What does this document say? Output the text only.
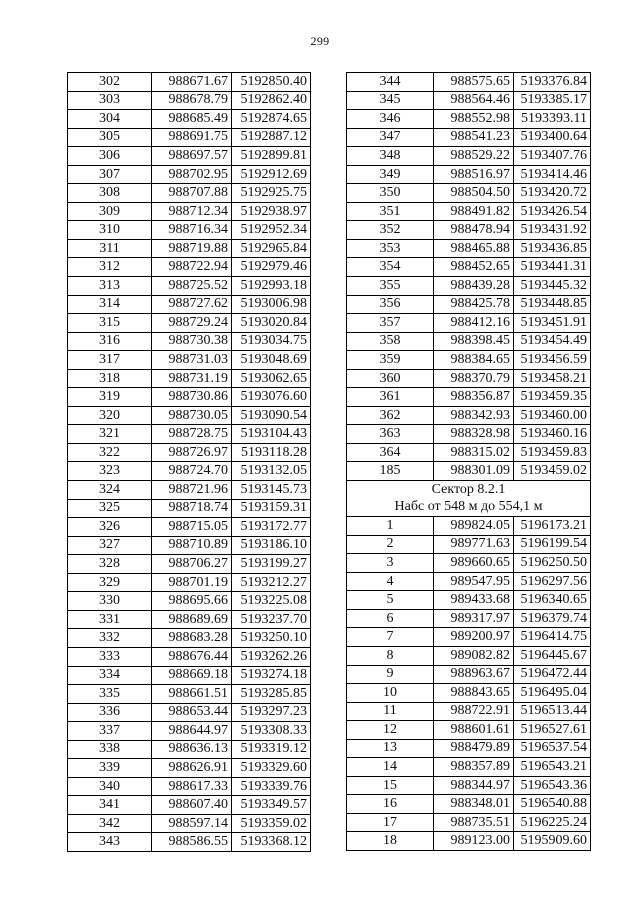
299
302	988671.67	5192850.40
303	988678.79	5192862.40
304	988685.49	5192874.65
305	988691.75	5192887.12
306	988697.57	5192899.81
307	988702.95	5192912.69
308	988707.88	5192925.75
309	988712.34	5192938.97
310	988716.34	5192952.34
311	988719.88	5192965.84
312	988722.94	5192979.46
313	988725.52	5192993.18
314	988727.62	5193006.98
315	988729.24	5193020.84
316	988730.38	5193034.75
317	988731.03	5193048.69
318	988731.19	5193062.65
319	988730.86	5193076.60
320	988730.05	5193090.54
321	988728.75	5193104.43
322	988726.97	5193118.28
323	988724.70	5193132.05
324	988721.96	5193145.73
325	988718.74	5193159.31
326	988715.05	5193172.77
327	988710.89	5193186.10
328	988706.27	5193199.27
329	988701.19	5193212.27
330	988695.66	5193225.08
331	988689.69	5193237.70
332	988683.28	5193250.10
333	988676.44	5193262.26
334	988669.18	5193274.18
335	988661.51	5193285.85
336	988653.44	5193297.23
337	988644.97	5193308.33
338	988636.13	5193319.12
339	988626.91	5193329.60
340	988617.33	5193339.76
341	988607.40	5193349.57
342	988597.14	5193359.02
343	988586.55	5193368.12
344	988575.65	5193376.84
345	988564.46	5193385.17
346	988552.98	5193393.11
347	988541.23	5193400.64
348	988529.22	5193407.76
349	988516.97	5193414.46
350	988504.50	5193420.72
351	988491.82	5193426.54
352	988478.94	5193431.92
353	988465.88	5193436.85
354	988452.65	5193441.31
355	988439.28	5193445.32
356	988425.78	5193448.85
357	988412.16	5193451.91
358	988398.45	5193454.49
359	988384.65	5193456.59
360	988370.79	5193458.21
361	988356.87	5193459.35
362	988342.93	5193460.00
363	988328.98	5193460.16
364	988315.02	5193459.83
185	988301.09	5193459.02
Сектор 8.2.1		
Набс от 548 м до 554,1 м		
1	989824.05	5196173.21
2	989771.63	5196199.54
3	989660.65	5196250.50
4	989547.95	5196297.56
5	989433.68	5196340.65
6	989317.97	5196379.74
7	989200.97	5196414.75
8	989082.82	5196445.67
9	988963.67	5196472.44
10	988843.65	5196495.04
11	988722.91	5196513.44
12	988601.61	5196527.61
13	988479.89	5196537.54
14	988357.89	5196543.21
15	988344.97	5196543.36
16	988348.01	5196540.88
17	988735.51	5196225.24
18	989123.00	5195909.60
